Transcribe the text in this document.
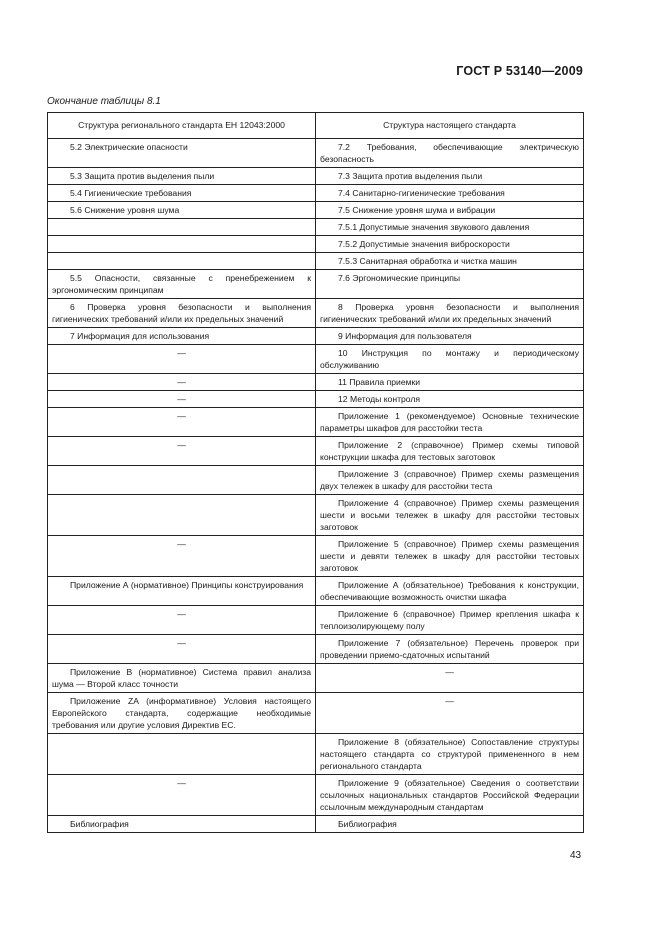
ГОСТ Р 53140—2009
Окончание таблицы 8.1
Структура регионального стандарта ЕН 12043:2000	Структура настоящего стандарта
5.2 Электрические опасности	7.2 Требования, обеспечивающие электрическую безопасность
5.3 Защита против выделения пыли	7.3 Защита против выделения пыли
5.4 Гигиенические требования	7.4 Санитарно-гигиенические требования
5.6 Снижение уровня шума	7.5 Снижение уровня шума и вибрации
	7.5.1 Допустимые значения звукового давления
	7.5.2 Допустимые значения виброскорости
	7.5.3 Санитарная обработка и чистка машин
5.5 Опасности, связанные с пренебрежением к эргономическим принципам	7.6 Эргономические принципы
6 Проверка уровня безопасности и выполнения гигиенических требований и/или их предельных значений	8 Проверка уровня безопасности и выполнения гигиенических требований и/или их предельных значений
7 Информация для использования	9 Информация для пользователя
—	10 Инструкция по монтажу и периодическому обслуживанию
—	11 Правила приемки
—	12 Методы контроля
—	Приложение 1 (рекомендуемое) Основные технические параметры шкафов для расстойки теста
—	Приложение 2 (справочное) Пример схемы типовой конструкции шкафа для тестовых заготовок
	Приложение 3 (справочное) Пример схемы размещения двух тележек в шкафу для расстойки теста
	Приложение 4 (справочное) Пример схемы размещения шести и восьми тележек в шкафу для расстойки тестовых заготовок
—	Приложение 5 (справочное) Пример схемы размещения шести и девяти тележек в шкафу для расстойки тестовых заготовок
Приложение А (нормативное) Принципы конструирования	Приложение А (обязательное) Требования к конструкции, обеспечивающие возможность очистки шкафа
—	Приложение 6 (справочное) Пример крепления шкафа к теплоизолирующему полу
—	Приложение 7 (обязательное) Перечень проверок при проведении приемо-сдаточных испытаний
Приложение В (нормативное) Система правил анализа шума — Второй класс точности	—
Приложение ZA (информативное) Условия настоящего Европейского стандарта, содержащие необходимые требования или другие условия Директив ЕС.	—
	Приложение 8 (обязательное) Сопоставление структуры настоящего стандарта со структурой примененного в нем регионального стандарта
—	Приложение 9 (обязательное) Сведения о соответствии ссылочных национальных стандартов Российской Федерации ссылочным международным стандартам
Библиография	Библиография
43
